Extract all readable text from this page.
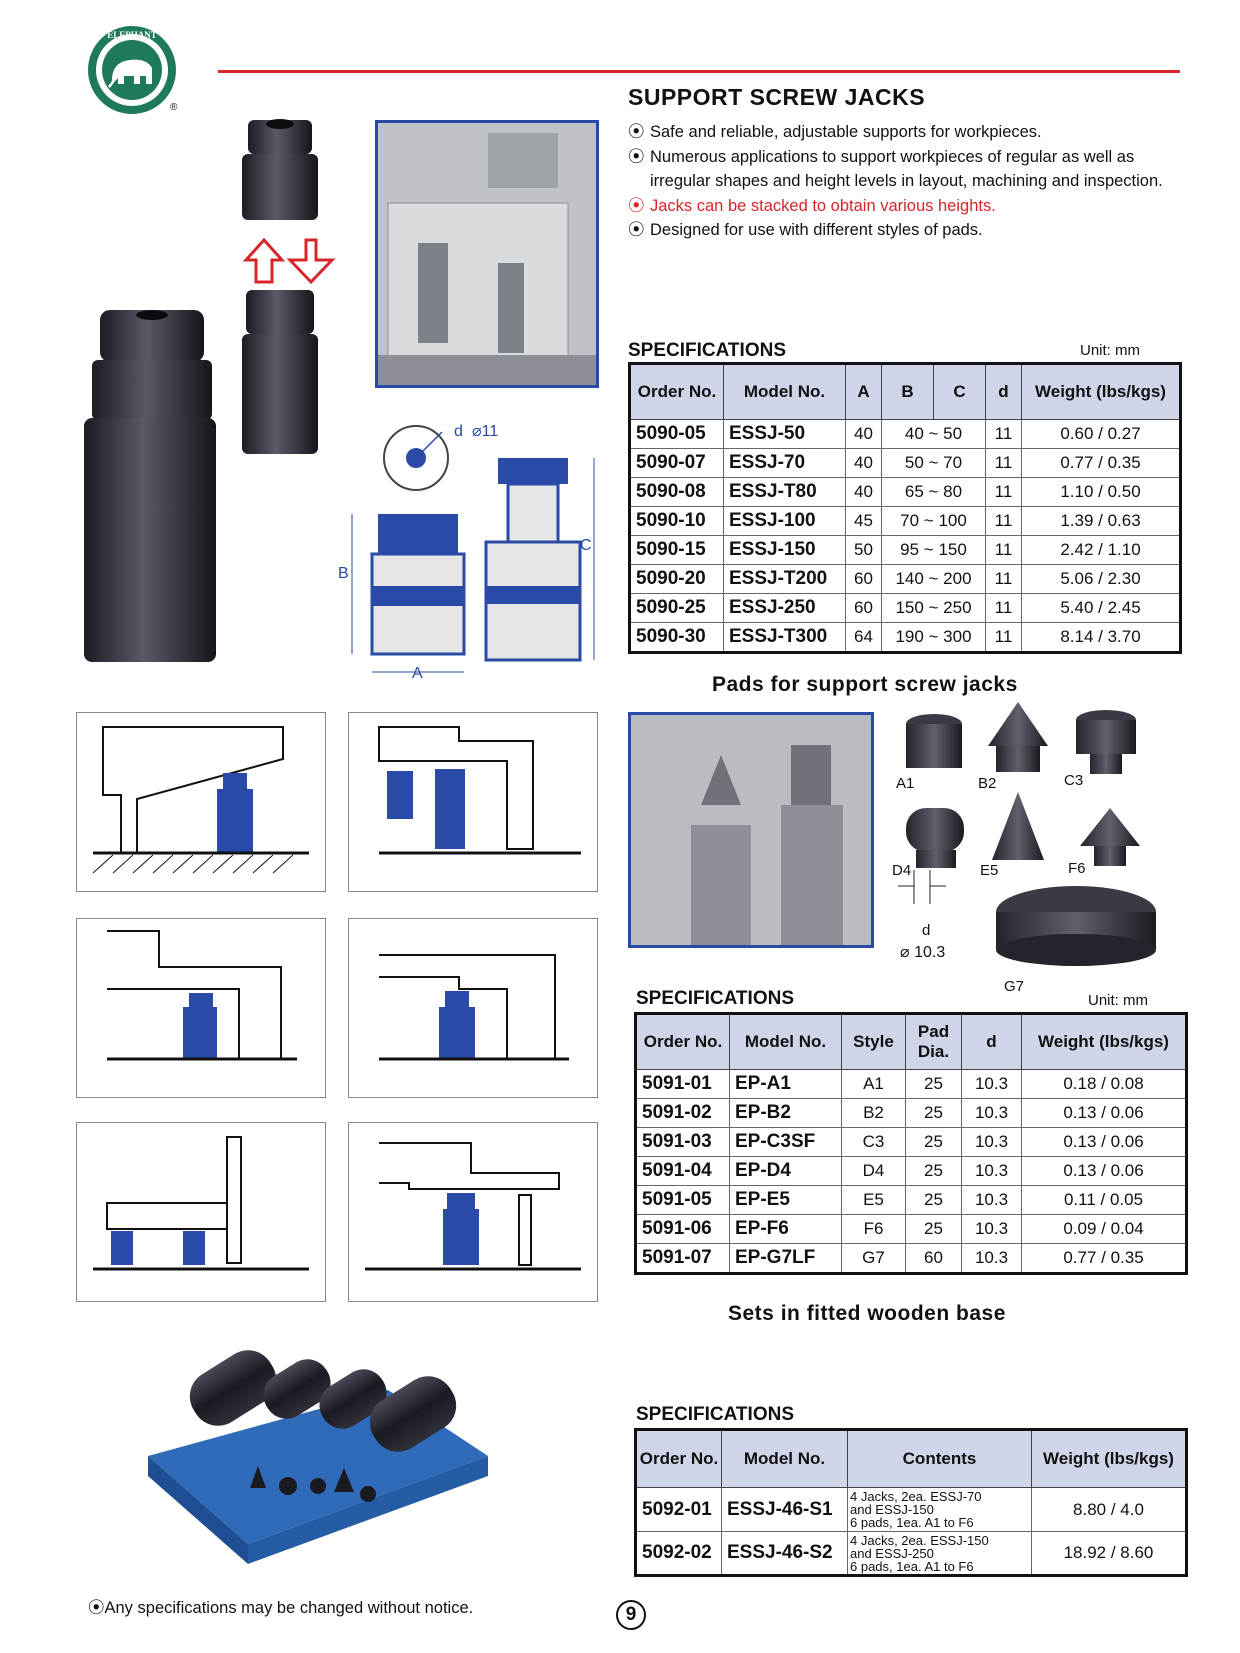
ELEPHANT
®	SUPPORT SCREW JACKS
⦿ Safe and reliable, adjustable supports for workpieces.
⦿ Numerous applications to support workpieces of regular as well as irregular shapes and height levels in layout, machining and inspection.
⦿ Jacks can be stacked to obtain various heights.
⦿ Designed for use with different styles of pads.
d ⌀11
B
A
C
SPECIFICATIONS	Unit: mm
Order No.	Model No.	A	B	C	d	Weight (lbs/kgs)
5090-05	ESSJ-50	40	40 ~ 50		11	0.60 / 0.27
5090-07	ESSJ-70	40	50 ~ 70		11	0.77 / 0.35
5090-08	ESSJ-T80	40	65 ~ 80		11	1.10 / 0.50
5090-10	ESSJ-100	45	70 ~ 100		11	1.39 / 0.63
5090-15	ESSJ-150	50	95 ~ 150		11	2.42 / 1.10
5090-20	ESSJ-T200	60	140 ~ 200		11	5.06 / 2.30
5090-25	ESSJ-250	60	150 ~ 250		11	5.40 / 2.45
5090-30	ESSJ-T300	64	190 ~ 300		11	8.14 / 3.70
Pads for support screw jacks
A1	B2	C3
D4	E5	F6
G7
d
⌀ 10.3
SPECIFICATIONS	Unit: mm
Order No.	Model No.	Style	Pad Dia.	d	Weight (lbs/kgs)
5091-01	EP-A1	A1	25	10.3	0.18 / 0.08
5091-02	EP-B2	B2	25	10.3	0.13 / 0.06
5091-03	EP-C3SF	C3	25	10.3	0.13 / 0.06
5091-04	EP-D4	D4	25	10.3	0.13 / 0.06
5091-05	EP-E5	E5	25	10.3	0.11 / 0.05
5091-06	EP-F6	F6	25	10.3	0.09 / 0.04
5091-07	EP-G7LF	G7	60	10.3	0.77 / 0.35
Sets in fitted wooden base
SPECIFICATIONS
Order No.	Model No.	Contents	Weight (lbs/kgs)
5092-01	ESSJ-46-S1	4 Jacks, 2ea. ESSJ-70
and ESSJ-150
6 pads, 1ea. A1 to F6	8.80 / 4.0
5092-02	ESSJ-46-S2	4 Jacks, 2ea. ESSJ-150
and ESSJ-250
6 pads, 1ea. A1 to F6	18.92 / 8.60
⦿Any specifications may be changed without notice.	9
